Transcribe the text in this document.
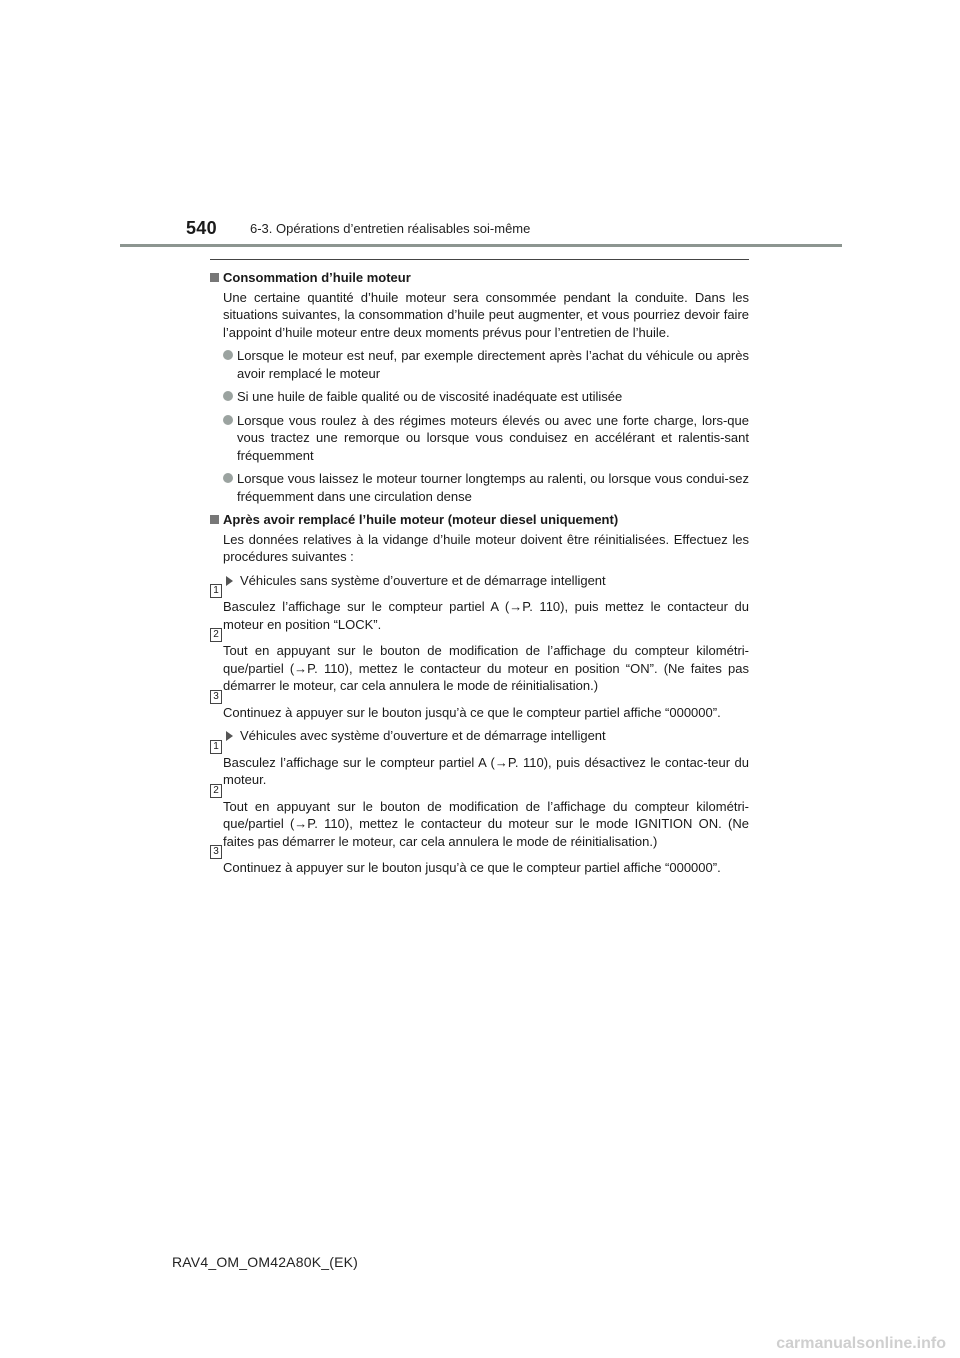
540	6-3. Opérations d’entretien réalisables soi-même
Consommation d’huile moteur
Une certaine quantité d’huile moteur sera consommée pendant la conduite. Dans les situations suivantes, la consommation d’huile peut augmenter, et vous pourriez devoir faire l’appoint d’huile moteur entre deux moments prévus pour l’entretien de l’huile.
Lorsque le moteur est neuf, par exemple directement après l’achat du véhicule ou après avoir remplacé le moteur
Si une huile de faible qualité ou de viscosité inadéquate est utilisée
Lorsque vous roulez à des régimes moteurs élevés ou avec une forte charge, lors-que vous tractez une remorque ou lorsque vous conduisez en accélérant et ralentis-sant fréquemment
Lorsque vous laissez le moteur tourner longtemps au ralenti, ou lorsque vous condui-sez fréquemment dans une circulation dense
Après avoir remplacé l’huile moteur (moteur diesel uniquement)
Les données relatives à la vidange d’huile moteur doivent être réinitialisées. Effectuez les procédures suivantes :
Véhicules sans système d’ouverture et de démarrage intelligent
1
Basculez l’affichage sur le compteur partiel A (→P. 110), puis mettez le contacteur du moteur en position “LOCK”.
2
Tout en appuyant sur le bouton de modification de l’affichage du compteur kilométri-que/partiel (→P. 110), mettez le contacteur du moteur en position “ON”. (Ne faites pas démarrer le moteur, car cela annulera le mode de réinitialisation.)
3
Continuez à appuyer sur le bouton jusqu’à ce que le compteur partiel affiche “000000”.
Véhicules avec système d’ouverture et de démarrage intelligent
1
Basculez l’affichage sur le compteur partiel A (→P. 110), puis désactivez le contac-teur du moteur.
2
Tout en appuyant sur le bouton de modification de l’affichage du compteur kilométri-que/partiel (→P. 110), mettez le contacteur du moteur sur le mode IGNITION ON. (Ne faites pas démarrer le moteur, car cela annulera le mode de réinitialisation.)
3
Continuez à appuyer sur le bouton jusqu’à ce que le compteur partiel affiche “000000”.
RAV4_OM_OM42A80K_(EK)
carmanualsonline.info
